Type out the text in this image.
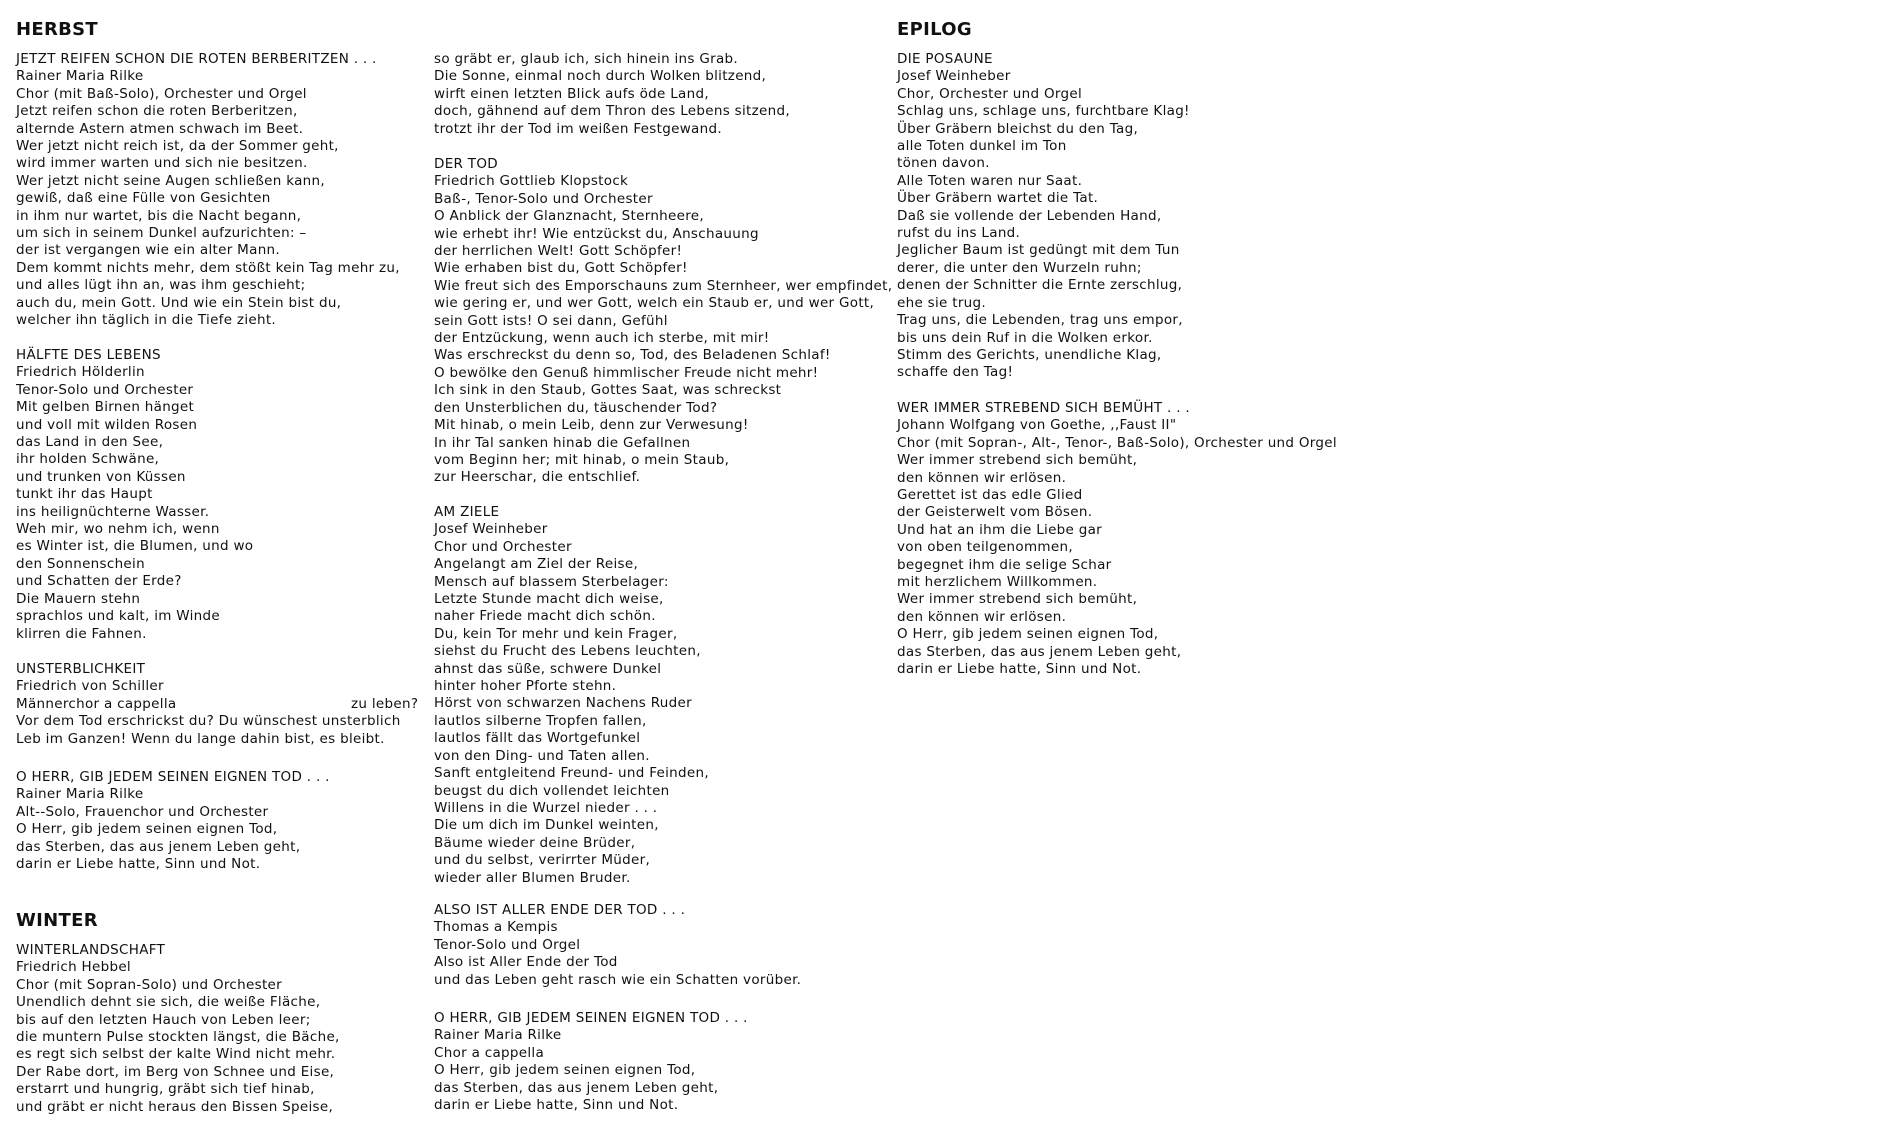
HERBST
JETZT REIFEN SCHON DIE ROTEN BERBERITZEN . . .
Rainer Maria Rilke
Chor (mit Baß-Solo), Orchester und Orgel
Jetzt reifen schon die roten Berberitzen,
alternde Astern atmen schwach im Beet.
Wer jetzt nicht reich ist, da der Sommer geht,
wird immer warten und sich nie besitzen.
Wer jetzt nicht seine Augen schließen kann,
gewiß, daß eine Fülle von Gesichten
in ihm nur wartet, bis die Nacht begann,
um sich in seinem Dunkel aufzurichten: –
der ist vergangen wie ein alter Mann.
Dem kommt nichts mehr, dem stößt kein Tag mehr zu,
und alles lügt ihn an, was ihm geschieht;
auch du, mein Gott. Und wie ein Stein bist du,
welcher ihn täglich in die Tiefe zieht.
HÄLFTE DES LEBENS
Friedrich Hölderlin
Tenor-Solo und Orchester
Mit gelben Birnen hänget
und voll mit wilden Rosen
das Land in den See,
ihr holden Schwäne,
und trunken von Küssen
tunkt ihr das Haupt
ins heilignüchterne Wasser.
Weh mir, wo nehm ich, wenn
es Winter ist, die Blumen, und wo
den Sonnenschein
und Schatten der Erde?
Die Mauern stehn
sprachlos und kalt, im Winde
klirren die Fahnen.
UNSTERBLICHKEIT
Friedrich von Schiller
Männerchor a cappella	zu leben?
Vor dem Tod erschrickst du? Du wünschest unsterblich
Leb im Ganzen! Wenn du lange dahin bist, es bleibt.
O HERR, GIB JEDEM SEINEN EIGNEN TOD . . .
Rainer Maria Rilke
Alt--Solo, Frauenchor und Orchester
O Herr, gib jedem seinen eignen Tod,
das Sterben, das aus jenem Leben geht,
darin er Liebe hatte, Sinn und Not.
WINTER
WINTERLANDSCHAFT
Friedrich Hebbel
Chor (mit Sopran-Solo) und Orchester
Unendlich dehnt sie sich, die weiße Fläche,
bis auf den letzten Hauch von Leben leer;
die muntern Pulse stockten längst, die Bäche,
es regt sich selbst der kalte Wind nicht mehr.
Der Rabe dort, im Berg von Schnee und Eise,
erstarrt und hungrig, gräbt sich tief hinab,
und gräbt er nicht heraus den Bissen Speise,
so gräbt er, glaub ich, sich hinein ins Grab.
Die Sonne, einmal noch durch Wolken blitzend,
wirft einen letzten Blick aufs öde Land,
doch, gähnend auf dem Thron des Lebens sitzend,
trotzt ihr der Tod im weißen Festgewand.
DER TOD
Friedrich Gottlieb Klopstock
Baß-, Tenor-Solo und Orchester
O Anblick der Glanznacht, Sternheere,
wie erhebt ihr! Wie entzückst du, Anschauung
der herrlichen Welt! Gott Schöpfer!
Wie erhaben bist du, Gott Schöpfer!
Wie freut sich des Emporschauns zum Sternheer, wer empfindet,
wie gering er, und wer Gott, welch ein Staub er, und wer Gott,
sein Gott ists! O sei dann, Gefühl
der Entzückung, wenn auch ich sterbe, mit mir!
Was erschreckst du denn so, Tod, des Beladenen Schlaf!
O bewölke den Genuß himmlischer Freude nicht mehr!
Ich sink in den Staub, Gottes Saat, was schreckst
den Unsterblichen du, täuschender Tod?
Mit hinab, o mein Leib, denn zur Verwesung!
In ihr Tal sanken hinab die Gefallnen
vom Beginn her; mit hinab, o mein Staub,
zur Heerschar, die entschlief.
AM ZIELE
Josef Weinheber
Chor und Orchester
Angelangt am Ziel der Reise,
Mensch auf blassem Sterbelager:
Letzte Stunde macht dich weise,
naher Friede macht dich schön.
Du, kein Tor mehr und kein Frager,
siehst du Frucht des Lebens leuchten,
ahnst das süße, schwere Dunkel
hinter hoher Pforte stehn.
Hörst von schwarzen Nachens Ruder
lautlos silberne Tropfen fallen,
lautlos fällt das Wortgefunkel
von den Ding- und Taten allen.
Sanft entgleitend Freund- und Feinden,
beugst du dich vollendet leichten
Willens in die Wurzel nieder . . .
Die um dich im Dunkel weinten,
Bäume wieder deine Brüder,
und du selbst, verirrter Müder,
wieder aller Blumen Bruder.
ALSO IST ALLER ENDE DER TOD . . .
Thomas a Kempis
Tenor-Solo und Orgel
Also ist Aller Ende der Tod
und das Leben geht rasch wie ein Schatten vorüber.
O HERR, GIB JEDEM SEINEN EIGNEN TOD . . .
Rainer Maria Rilke
Chor a cappella
O Herr, gib jedem seinen eignen Tod,
das Sterben, das aus jenem Leben geht,
darin er Liebe hatte, Sinn und Not.
EPILOG
DIE POSAUNE
Josef Weinheber
Chor, Orchester und Orgel
Schlag uns, schlage uns, furchtbare Klag!
Über Gräbern bleichst du den Tag,
alle Toten dunkel im Ton
tönen davon.
Alle Toten waren nur Saat.
Über Gräbern wartet die Tat.
Daß sie vollende der Lebenden Hand,
rufst du ins Land.
Jeglicher Baum ist gedüngt mit dem Tun
derer, die unter den Wurzeln ruhn;
denen der Schnitter die Ernte zerschlug,
ehe sie trug.
Trag uns, die Lebenden, trag uns empor,
bis uns dein Ruf in die Wolken erkor.
Stimm des Gerichts, unendliche Klag,
schaffe den Tag!
WER IMMER STREBEND SICH BEMÜHT . . .
Johann Wolfgang von Goethe, ,,Faust II"
Chor (mit Sopran-, Alt-, Tenor-, Baß-Solo), Orchester und Orgel
Wer immer strebend sich bemüht,
den können wir erlösen.
Gerettet ist das edle Glied
der Geisterwelt vom Bösen.
Und hat an ihm die Liebe gar
von oben teilgenommen,
begegnet ihm die selige Schar
mit herzlichem Willkommen.
Wer immer strebend sich bemüht,
den können wir erlösen.
O Herr, gib jedem seinen eignen Tod,
das Sterben, das aus jenem Leben geht,
darin er Liebe hatte, Sinn und Not.
